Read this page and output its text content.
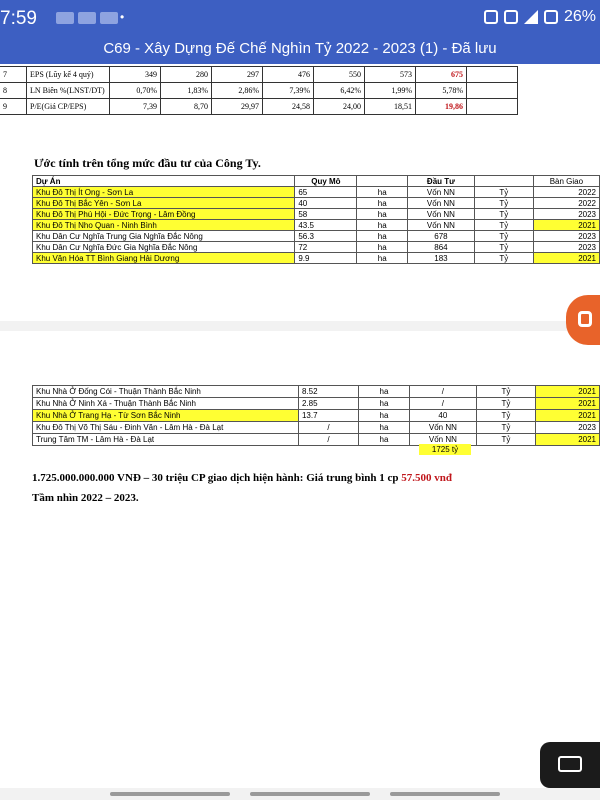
7:59	•	26%
C69 - Xây Dựng Đế Chế Nghìn Tỷ 2022 - 2023 (1) - Đã lưu
7	EPS (Lũy kế 4 quý)	349	280	297	476	550	573	675	
8	LN Biên %(LNST/DT)	0,70%	1,83%	2,86%	7,39%	6,42%	1,99%	5,78%	
9	P/E(Giá CP/EPS)	7,39	8,70	29,97	24,58	24,00	18,51	19,86	
Ước tính trên tổng mức đầu tư của Công Ty.
Dự Án	Quy Mô		Đầu Tư		Bàn Giao
Khu Đô Thị Ít Ong - Sơn La	65	ha	Vốn NN	Tỷ	2022
Khu Đô Thị Bắc Yên - Sơn La	40	ha	Vốn NN	Tỷ	2022
Khu Đô Thị Phú Hội - Đức Trọng - Lâm Đồng	58	ha	Vốn NN	Tỷ	2023
Khu Đô Thị Nho Quan - Ninh Bình	43.5	ha	Vốn NN	Tỷ	2021
Khu Dân Cư Nghĩa Trung Gia Nghĩa Đắc Nông	56.3	ha	678	Tỷ	2023
Khu Dân Cư Nghĩa Đức Gia Nghĩa Đắc Nông	72	ha	864	Tỷ	2023
Khu Văn Hóa TT Bình Giang Hải Dương	9.9	ha	183	Tỷ	2021
Khu Nhà Ở Đống Cói - Thuận Thành Bắc Ninh	8.52	ha	/	Tỷ	2021
Khu Nhà Ở Ninh Xá - Thuận Thành Bắc Ninh	2.85	ha	/	Tỷ	2021
Khu Nhà Ở Trang Hạ - Từ Sơn Bắc Ninh	13.7	ha	40	Tỷ	2021
Khu Đô Thị Võ Thị Sáu - Đinh Văn - Lâm Hà - Đà Lạt	/	ha	Vốn NN	Tỷ	2023
Trung Tâm TM - Lâm Hà - Đà Lạt	/	ha	Vốn NN	Tỷ	2021
1725 tỷ
1.725.000.000.000 VNĐ – 30 triệu CP giao dịch hiện hành: Giá trung bình 1 cp 57.500 vnđ
Tầm nhìn 2022 – 2023.
